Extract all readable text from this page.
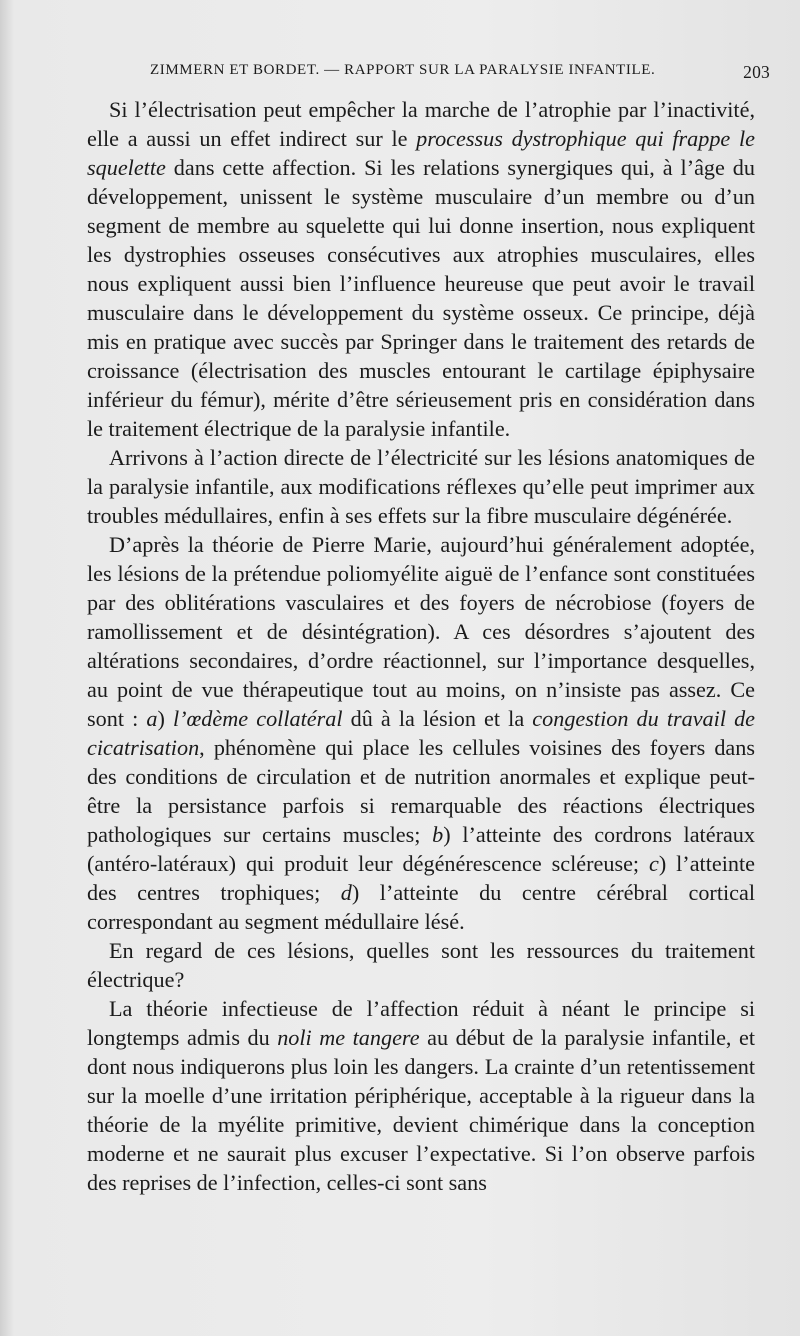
ZIMMERN ET BORDET. — RAPPORT SUR LA PARALYSIE INFANTILE.	203

Si l’électrisation peut empêcher la marche de l’atrophie par l’inactivité, elle a aussi un effet indirect sur le processus dystrophique qui frappe le squelette dans cette affection. Si les relations synergiques qui, à l’âge du développement, unissent le système musculaire d’un membre ou d’un segment de membre au squelette qui lui donne insertion, nous expliquent les dystrophies osseuses consécutives aux atrophies musculaires, elles nous expliquent aussi bien l’influence heureuse que peut avoir le travail musculaire dans le développement du système osseux. Ce principe, déjà mis en pratique avec succès par Springer dans le traitement des retards de croissance (électrisation des muscles entourant le cartilage épiphysaire inférieur du fémur), mérite d’être sérieusement pris en considération dans le traitement électrique de la paralysie infantile.

Arrivons à l’action directe de l’électricité sur les lésions anatomiques de la paralysie infantile, aux modifications réflexes qu’elle peut imprimer aux troubles médullaires, enfin à ses effets sur la fibre musculaire dégénérée.

D’après la théorie de Pierre Marie, aujourd’hui généralement adoptée, les lésions de la prétendue poliomyélite aiguë de l’enfance sont constituées par des oblitérations vasculaires et des foyers de nécrobiose (foyers de ramollissement et de désintégration). A ces désordres s’ajoutent des altérations secondaires, d’ordre réactionnel, sur l’importance desquelles, au point de vue thérapeutique tout au moins, on n’insiste pas assez. Ce sont : a) l’œdème collatéral dû à la lésion et la congestion du travail de cicatrisation, phénomène qui place les cellules voisines des foyers dans des conditions de circulation et de nutrition anormales et explique peut-être la persistance parfois si remarquable des réactions électriques pathologiques sur certains muscles; b) l’atteinte des cordrons latéraux (antéro-latéraux) qui produit leur dégénérescence scléreuse; c) l’atteinte des centres trophiques; d) l’atteinte du centre cérébral cortical correspondant au segment médullaire lésé.

En regard de ces lésions, quelles sont les ressources du traitement électrique?

La théorie infectieuse de l’affection réduit à néant le principe si longtemps admis du noli me tangere au début de la paralysie infantile, et dont nous indiquerons plus loin les dangers. La crainte d’un retentissement sur la moelle d’une irritation périphérique, acceptable à la rigueur dans la théorie de la myélite primitive, devient chimérique dans la conception moderne et ne saurait plus excuser l’expectative. Si l’on observe parfois des reprises de l’infection, celles-ci sont sans
